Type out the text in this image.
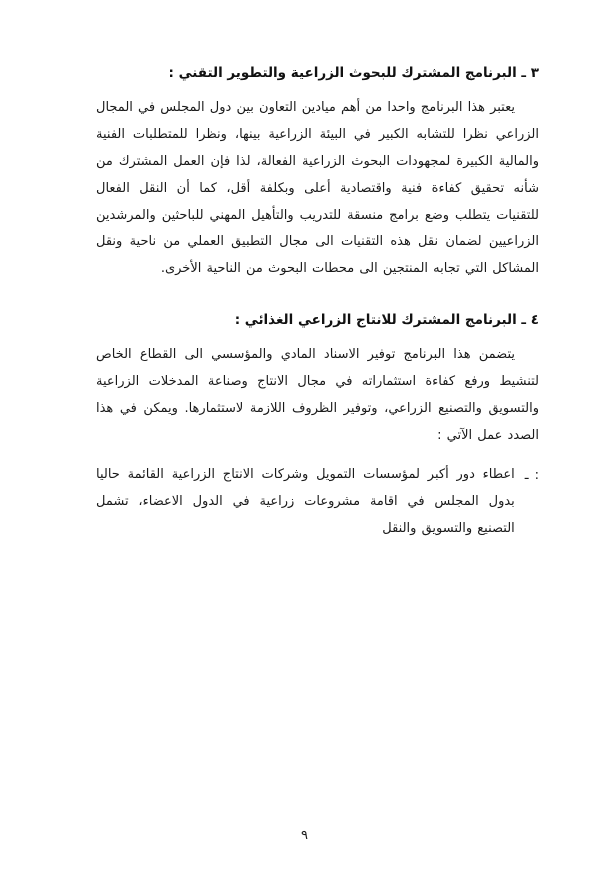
٣ ـ البرنامج المشترك للبحوث الزراعية والتطوير التقني :

يعتبر هذا البرنامج واحدا من أهم ميادين التعاون بين دول المجلس في المجال الزراعي نظرا للتشابه الكبير في البيئة الزراعية بينها، ونظرا للمتطلبات الفنية والمالية الكبيرة لمجهودات البحوث الزراعية الفعالة، لذا فإن العمل المشترك من شأنه تحقيق كفاءة فنية واقتصادية أعلى وبكلفة أقل، كما أن النقل الفعال للتقنيات يتطلب وضع برامج منسقة للتدريب والتأهيل المهني للباحثين والمرشدين الزراعيين لضمان نقل هذه التقنيات الى مجال التطبيق العملي من ناحية ونقل المشاكل التي تجابه المنتجين الى محطات البحوث من الناحية الأخرى.

٤ ـ البرنامج المشترك للانتاج الزراعي الغذائي :

يتضمن هذا البرنامج توفير الاسناد المادي والمؤسسي الى القطاع الخاص لتنشيط ورفع كفاءة استثماراته في مجال الانتاج وصناعة المدخلات الزراعية والتسويق والتصنيع الزراعي، وتوفير الظروف اللازمة لاستثمارها. ويمكن في هذا الصدد عمل الآتي :

:
ـ
اعطاء دور أكبر لمؤسسات التمويل وشركات الانتاج الزراعية القائمة حاليا بدول المجلس في اقامة مشروعات زراعية في الدول الاعضاء، تشمل التصنيع والتسويق والنقل
٩
